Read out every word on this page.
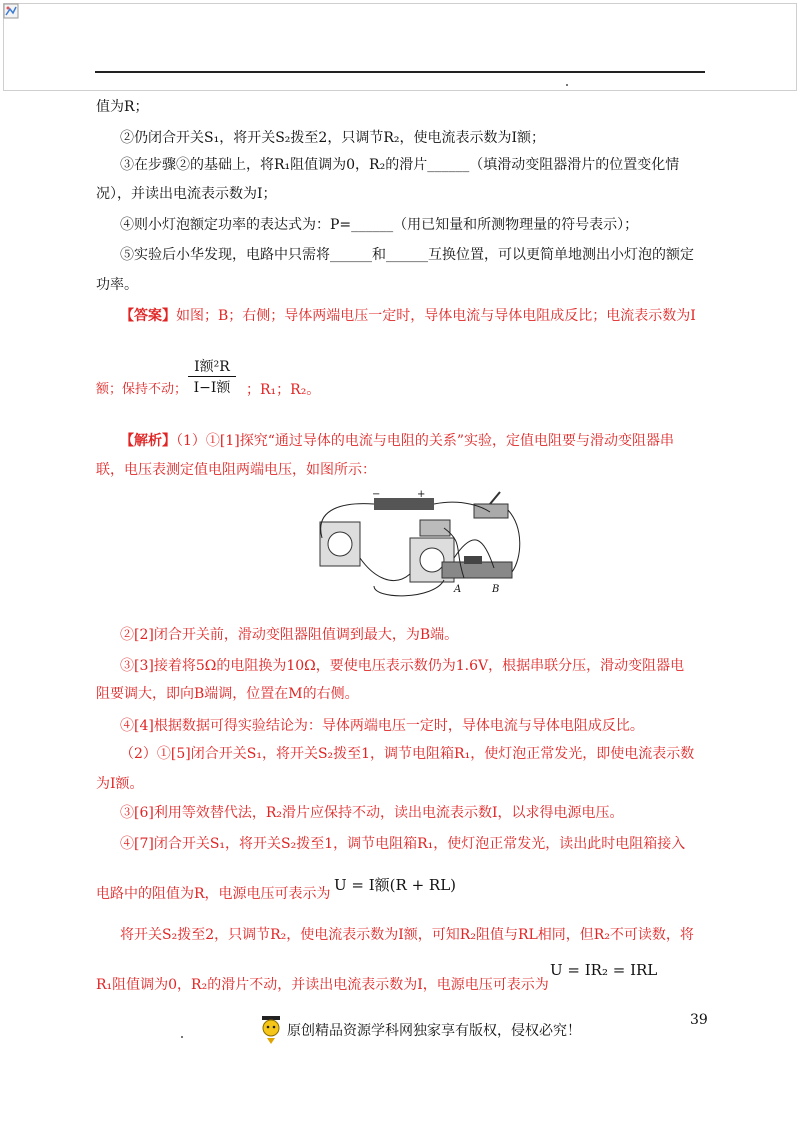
值为R；
②仍闭合开关S₁，将开关S₂拨至2，只调节R₂，使电流表示数为I额；
③在步骤②的基础上，将R₁阻值调为0，R₂的滑片______（填滑动变阻器滑片的位置变化情
况），并读出电流表示数为I；
④则小灯泡额定功率的表达式为：P=______（用已知量和所测物理量的符号表示）；
⑤实验后小华发现，电路中只需将______和______互换位置，可以更简单地测出小灯泡的额定
功率。
【答案】如图；B；右侧；导体两端电压一定时，导体电流与导体电阻成反比；电流表示数为I
额；保持不动；
I额²R
I−I额	；R₁；R₂。
【解析】（1）①[1]探究“通过导体的电流与电阻的关系”实验，定值电阻要与滑动变阻器串
联，电压表测定值电阻两端电压，如图所示：
−	+
A	B
②[2]闭合开关前，滑动变阻器阻值调到最大，为B端。
③[3]接着将5Ω的电阻换为10Ω，要使电压表示数仍为1.6V，根据串联分压，滑动变阻器电
阻要调大，即向B端调，位置在M的右侧。
④[4]根据数据可得实验结论为：导体两端电压一定时，导体电流与导体电阻成反比。
（2）①[5]闭合开关S₁，将开关S₂拨至1，调节电阻箱R₁，使灯泡正常发光，即使电流表示数
为I额。
③[6]利用等效替代法，R₂滑片应保持不动，读出电流表示数I，以求得电源电压。
④[7]闭合开关S₁，将开关S₂拨至1，调节电阻箱R₁，使灯泡正常发光，读出此时电阻箱接入
电路中的阻值为R，电源电压可表示为 U = I额(R + RL)
将开关S₂拨至2，只调节R₂，使电流表示数为I额，可知R₂阻值与RL相同，但R₂不可读数，将
R₁阻值调为0，R₂的滑片不动，并读出电流表示数为I，电源电压可表示为
U = IR₂ = IRL
39
原创精品资源学科网独家享有版权，侵权必究！
